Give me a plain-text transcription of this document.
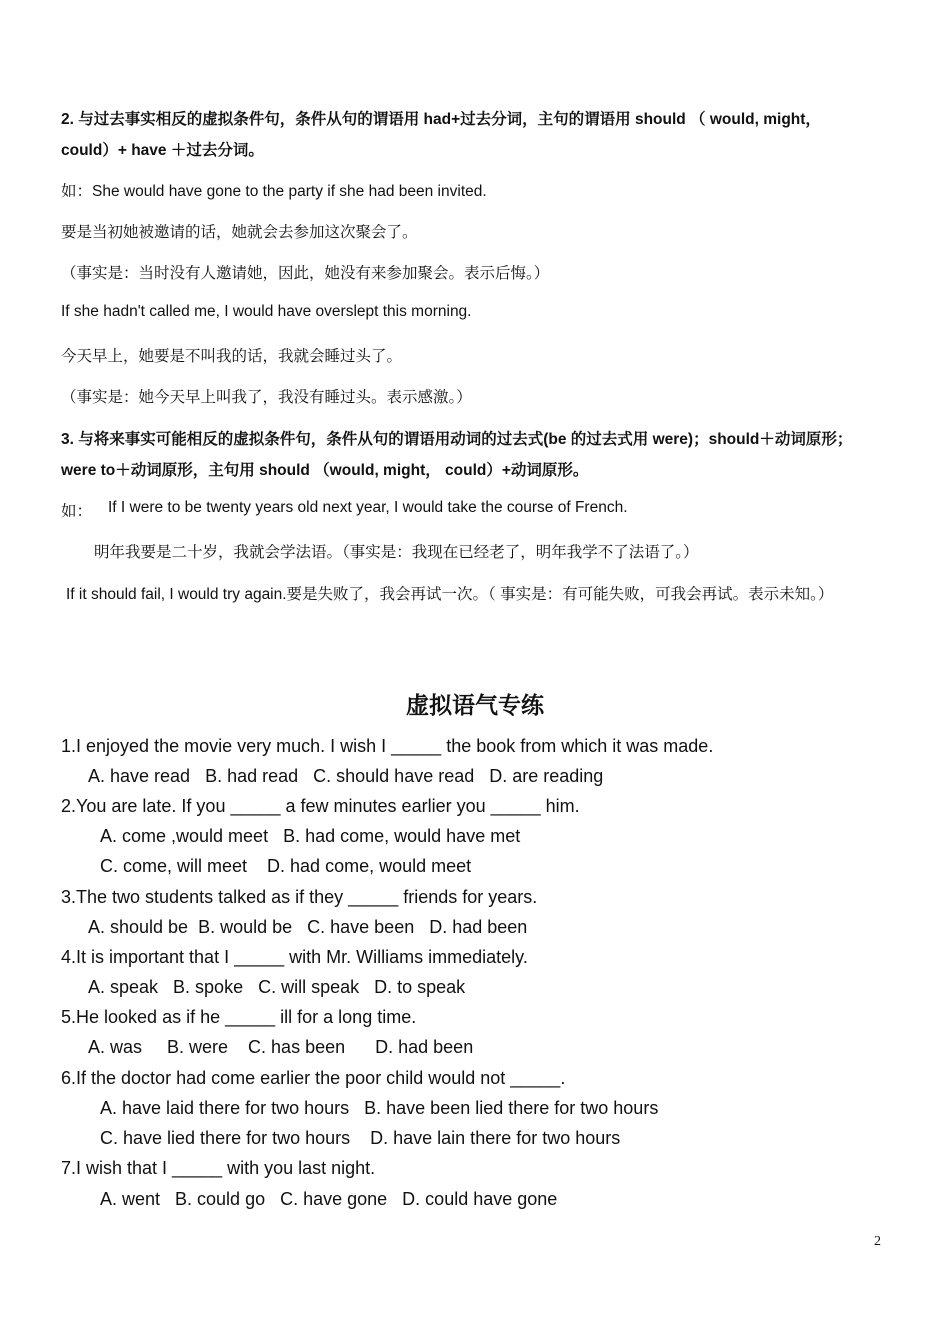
2. 与过去事实相反的虚拟条件句，条件从句的谓语用 had+过去分词，主句的谓语用 should （ would, might，
could）+ have ＋过去分词。
如：She would have gone to the party if she had been invited.
要是当初她被邀请的话，她就会去参加这次聚会了。
（事实是：当时没有人邀请她，因此，她没有来参加聚会。表示后悔。）
If she hadn't called me, I would have overslept this morning.
今天早上，她要是不叫我的话，我就会睡过头了。
（事实是：她今天早上叫我了，我没有睡过头。表示感激。）
3. 与将来事实可能相反的虚拟条件句，条件从句的谓语用动词的过去式(be 的过去式用 were)；should＋动词原形；
were to＋动词原形，主句用 should （would, might， could）+动词原形。
如： If I were to be twenty years old next year, I would take the course of French.
明年我要是二十岁，我就会学法语。（事实是：我现在已经老了，明年我学不了法语了。）
If it should fail, I would try again.要是失败了，我会再试一次。（ 事实是：有可能失败，可我会再试。表示未知。）
虚拟语气专练
1.I enjoyed the movie very much. I wish I _____ the book from which it was made.
A. have read   B. had read   C. should have read   D. are reading
2.You are late. If you _____ a few minutes earlier you _____ him.
A. come ,would meet   B. had come, would have met
C. come, will meet    D. had come, would meet
3.The two students talked as if they _____ friends for years.
A. should be  B. would be   C. have been   D. had been
4.It is important that I _____ with Mr. Williams immediately.
A. speak   B. spoke   C. will speak   D. to speak
5.He looked as if he _____ ill for a long time.
A. was     B. were    C. has been      D. had been
6.If the doctor had come earlier the poor child would not _____.
A. have laid there for two hours   B. have been lied there for two hours
C. have lied there for two hours    D. have lain there for two hours
7.I wish that I _____ with you last night.
A. went   B. could go   C. have gone   D. could have gone
2
